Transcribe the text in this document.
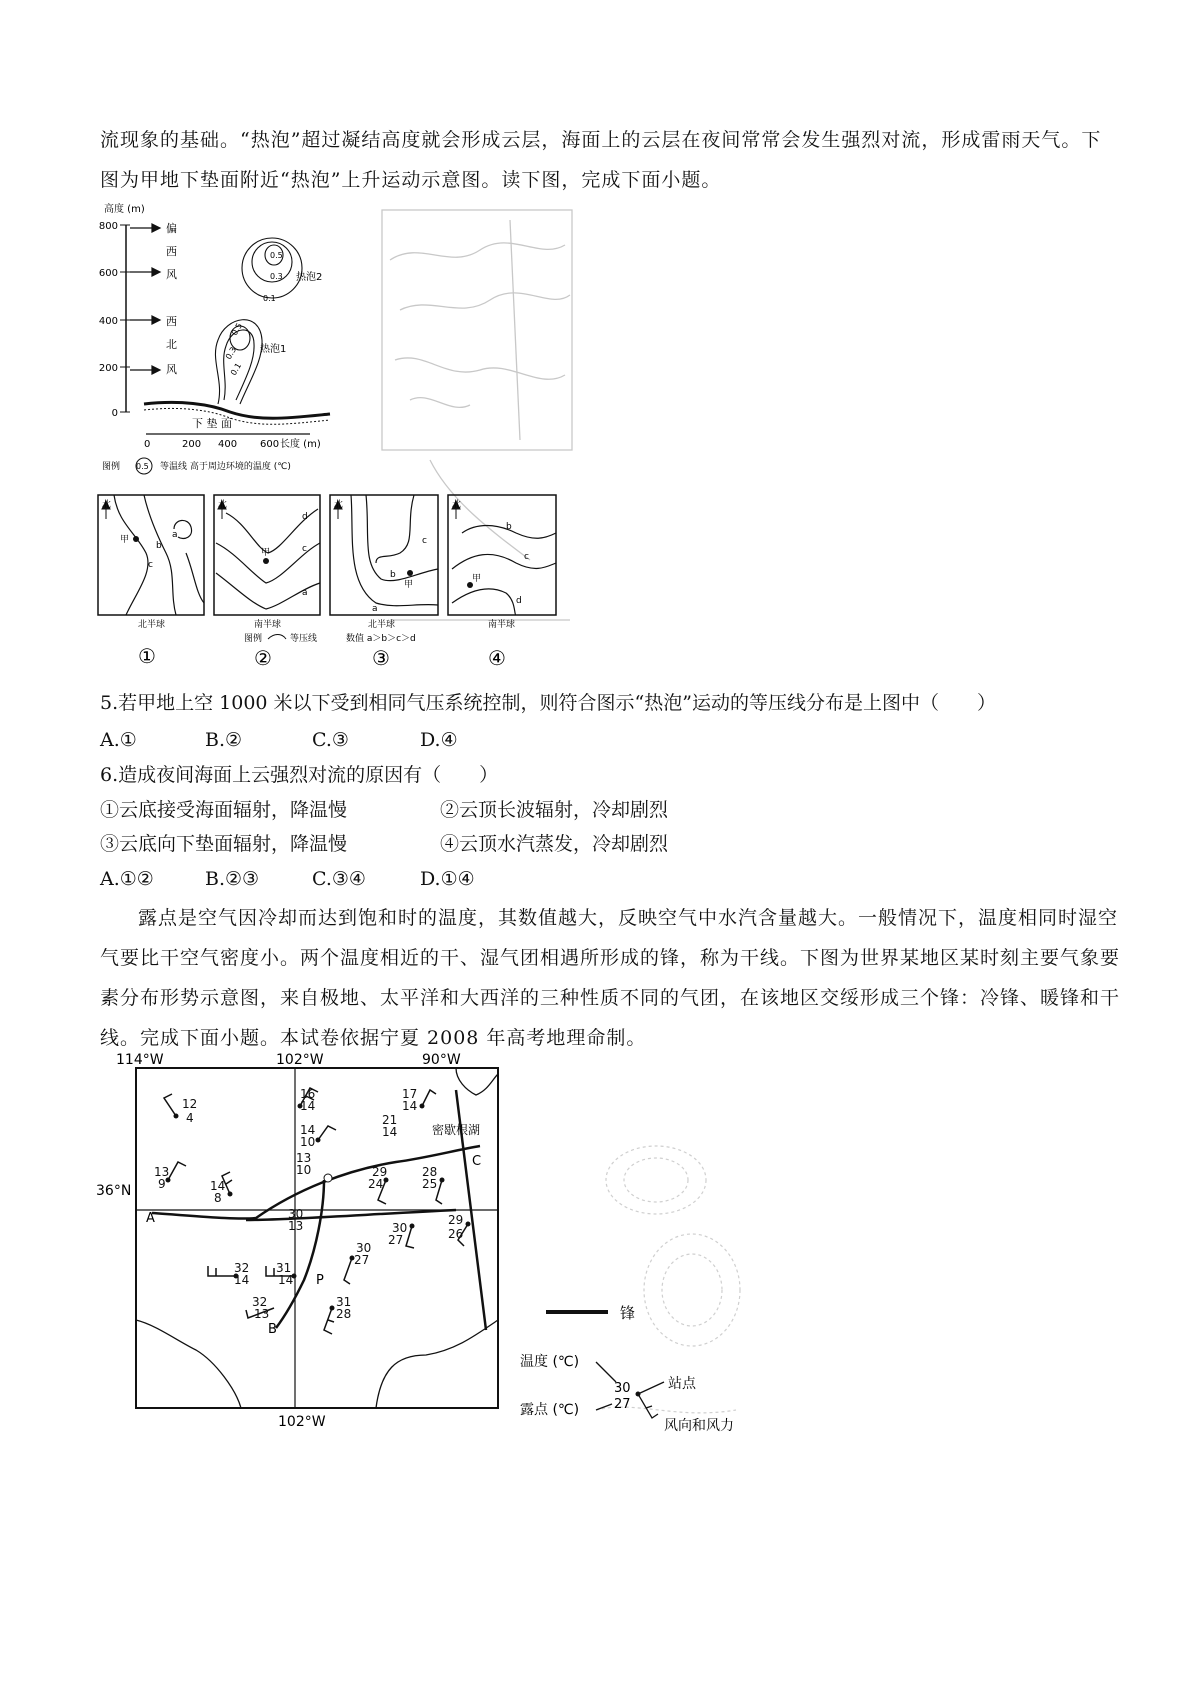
流现象的基础。“热泡”超过凝结高度就会形成云层，海面上的云层在夜间常常会发生强烈对流，形成雷雨天气。下图为甲地下垫面附近“热泡”上升运动示意图。读下图，完成下面小题。

高度 (m)
800
600
400
200
0
偏
西
风
西
北
风
0.5
0.3
0.1
热泡2
0.5
0.3
0.1
热泡1
下 垫 面
0	200 400 600 长度 (m)
图例 0.5 等温线 高于周边环境的温度 (℃)
北
甲	a
b
c
北半球
①
北
甲
d
c
a
南半球
图例	等压线
②
北
甲
a
b
c
北半球
数值 a＞b＞c＞d
③
北
甲
b
c
d
南半球
④

5.若甲地上空 1000 米以下受到相同气压系统控制，则符合图示“热泡”运动的等压线分布是上图中（　　）

A.①	B.②	C.③	D.④

6.造成夜间海面上云强烈对流的原因有（　　）

①云底接受海面辐射，降温慢	②云顶长波辐射，冷却剧烈

③云底向下垫面辐射，降温慢	④云顶水汽蒸发，冷却剧烈

A.①②	B.②③	C.③④	D.①④

露点是空气因冷却而达到饱和时的温度，其数值越大，反映空气中水汽含量越大。一般情况下，温度相同时湿空气要比干空气密度小。两个温度相近的干、湿气团相遇所形成的锋，称为干线。下图为世界某地区某时刻主要气象要素分布形势示意图，来自极地、太平洋和大西洋的三种性质不同的气团，在该地区交绥形成三个锋：冷锋、暖锋和干线。完成下面小题。本试卷依据宁夏 2008 年高考地理命制。

114°W	102°W	90°W
36°N
102°W
A
B
C
P
密歇根湖
12
4
16
14
17
14
21
14
14
10
13
10
13
9	14
8
29
24
28
25
30
13	30
27
29
26
32
14
31
14
30
27
32
13
31
28	锋
温度 (℃)
露点 (℃)
30
27
站点
风向和风力
